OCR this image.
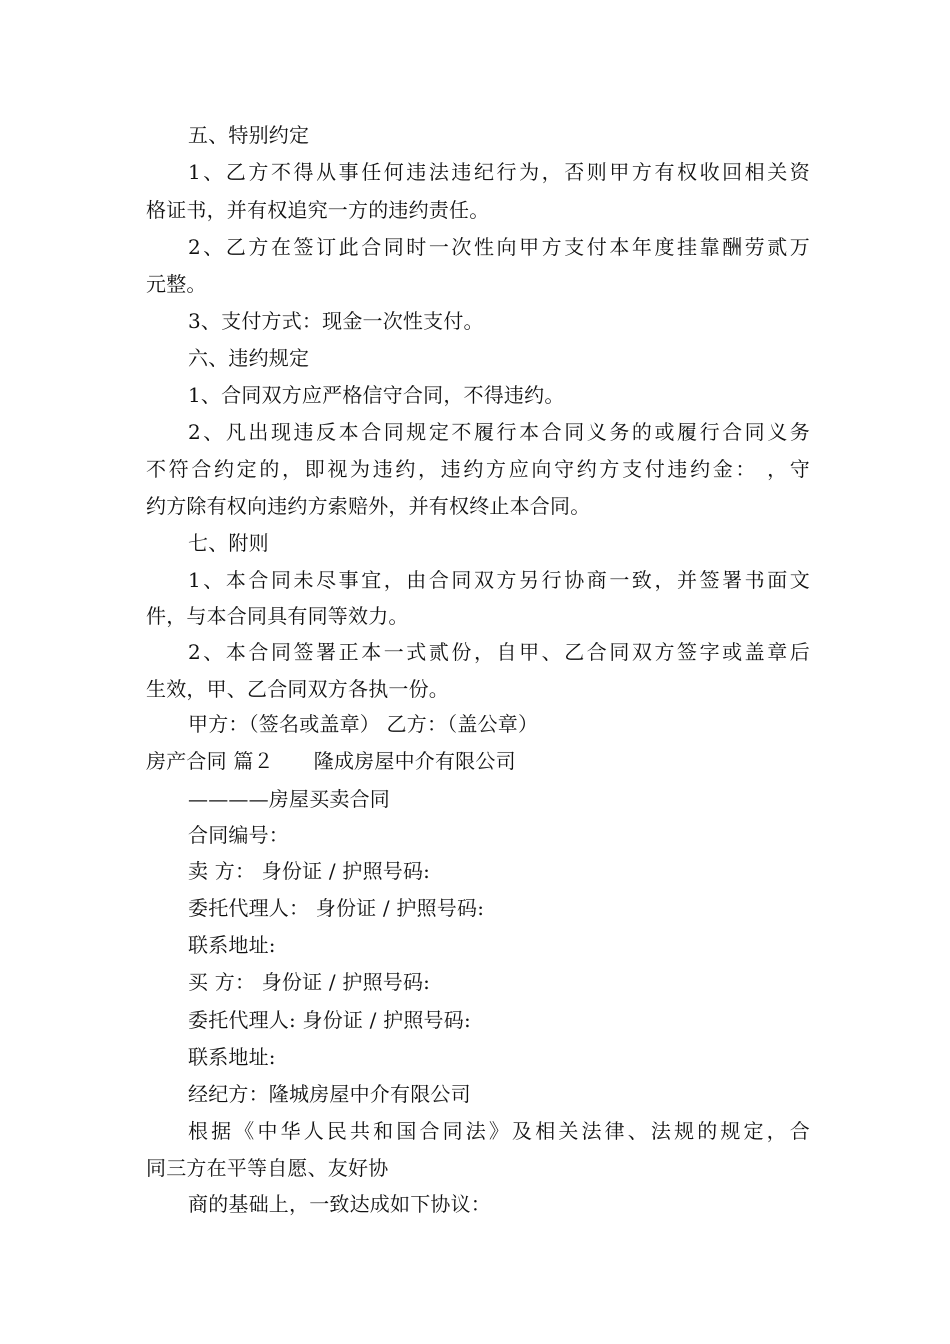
五、特别约定
1、乙方不得从事任何违法违纪行为，否则甲方有权收回相关资
格证书，并有权追究一方的违约责任。
2、乙方在签订此合同时一次性向甲方支付本年度挂靠酬劳贰万
元整。
3、支付方式：现金一次性支付。
六、违约规定
1、合同双方应严格信守合同，不得违约。
2、凡出现违反本合同规定不履行本合同义务的或履行合同义务
不符合约定的，即视为违约，违约方应向守约方支付违约金： ，守
约方除有权向违约方索赔外，并有权终止本合同。
七、附则
1、本合同未尽事宜，由合同双方另行协商一致，并签署书面文
件，与本合同具有同等效力。
2、本合同签署正本一式贰份，自甲、乙合同双方签字或盖章后
生效，甲、乙合同双方各执一份。
甲方：（签名或盖章） 乙方：（盖公章）
房产合同 篇２ 隆成房屋中介有限公司
————房屋买卖合同
合同编号：
卖 方： 身份证 / 护照号码:
委托代理人： 身份证 / 护照号码:
联系地址:
买 方： 身份证 / 护照号码:
委托代理人: 身份证 / 护照号码:
联系地址:
经纪方：隆城房屋中介有限公司
根据《中华人民共和国合同法》及相关法律、法规的规定，合
同三方在平等自愿、友好协
商的基础上，一致达成如下协议：
